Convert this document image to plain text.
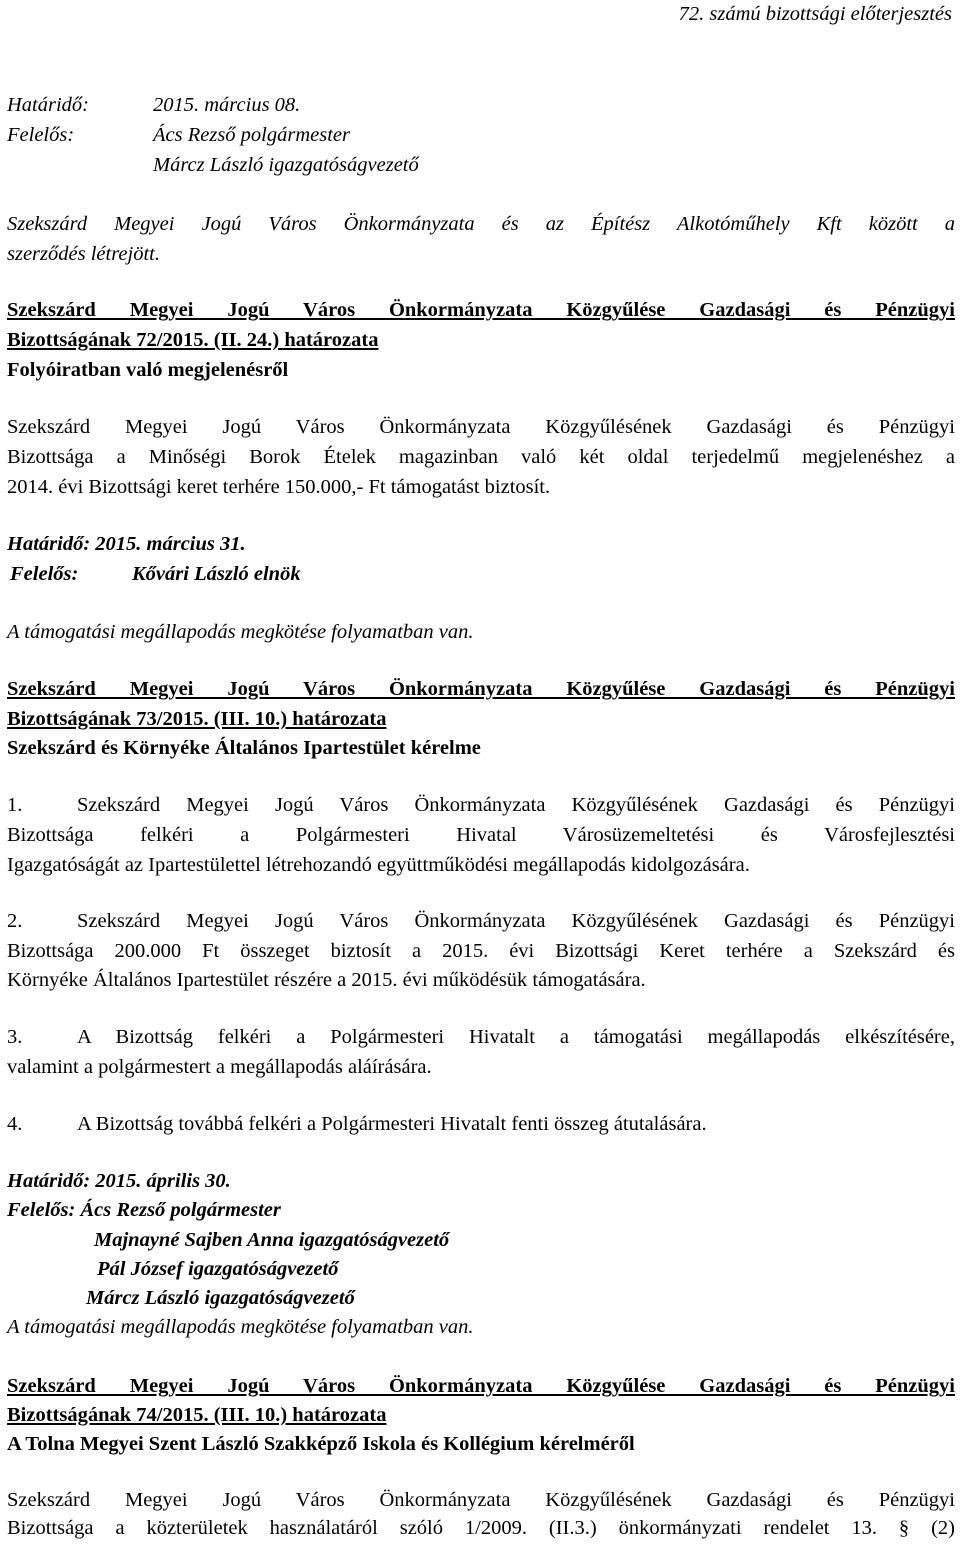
72. számú bizottsági előterjesztés
Határidő:	2015. március 08.
Felelős:	Ács Rezső polgármester
Márcz László igazgatóságvezető
Szekszárd Megyei Jogú Város Önkormányzata és az Építész Alkotóműhely Kft között a
szerződés létrejött.
Szekszárd Megyei Jogú Város Önkormányzata Közgyűlése Gazdasági és Pénzügyi
Bizottságának 72/2015. (II. 24.) határozata
Folyóiratban való megjelenésről
Szekszárd Megyei Jogú Város Önkormányzata Közgyűlésének Gazdasági és Pénzügyi
Bizottsága a Minőségi Borok Ételek magazinban való két oldal terjedelmű megjelenéshez a
2014. évi Bizottsági keret terhére 150.000,- Ft támogatást biztosít.
Határidő: 2015. március 31.
Felelős:	Kővári László elnök
A támogatási megállapodás megkötése folyamatban van.
Szekszárd Megyei Jogú Város Önkormányzata Közgyűlése Gazdasági és Pénzügyi
Bizottságának 73/2015. (III. 10.) határozata
Szekszárd és Környéke Általános Ipartestület kérelme
1.	Szekszárd Megyei Jogú Város Önkormányzata Közgyűlésének Gazdasági és Pénzügyi
Bizottsága felkéri a Polgármesteri Hivatal Városüzemeltetési és Városfejlesztési
Igazgatóságát az Ipartestülettel létrehozandó együttműködési megállapodás kidolgozására.
2.	Szekszárd Megyei Jogú Város Önkormányzata Közgyűlésének Gazdasági és Pénzügyi
Bizottsága 200.000 Ft összeget biztosít a 2015. évi Bizottsági Keret terhére a Szekszárd és
Környéke Általános Ipartestület részére a 2015. évi működésük támogatására.
3.	A Bizottság felkéri a Polgármesteri Hivatalt a támogatási megállapodás elkészítésére,
valamint a polgármestert a megállapodás aláírására.
4.	A Bizottság továbbá felkéri a Polgármesteri Hivatalt fenti összeg átutalására.
Határidő: 2015. április 30.
Felelős: Ács Rezső polgármester
Majnayné Sajben Anna igazgatóságvezető
Pál József igazgatóságvezető
Márcz László igazgatóságvezető
A támogatási megállapodás megkötése folyamatban van.
Szekszárd Megyei Jogú Város Önkormányzata Közgyűlése Gazdasági és Pénzügyi
Bizottságának 74/2015. (III. 10.) határozata
A Tolna Megyei Szent László Szakképző Iskola és Kollégium kérelméről
Szekszárd Megyei Jogú Város Önkormányzata Közgyűlésének Gazdasági és Pénzügyi
Bizottsága a közterületek használatáról szóló 1/2009. (II.3.) önkormányzati rendelet 13. § (2)
